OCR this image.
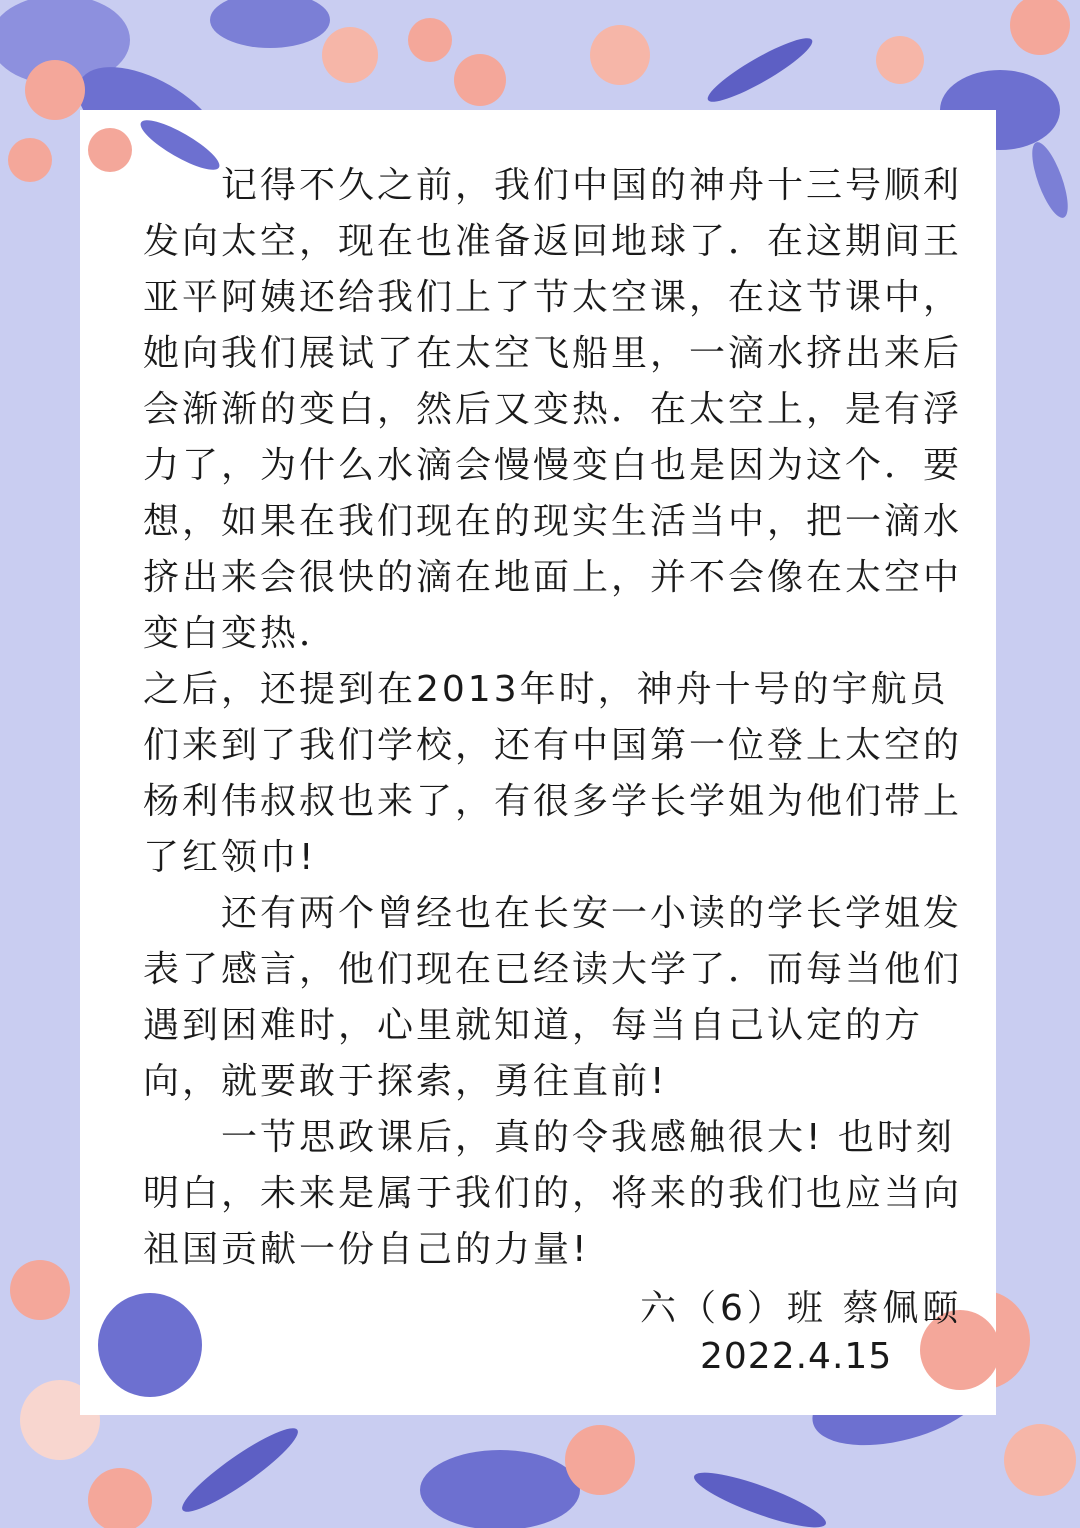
记得不久之前，我们中国的神舟十三号顺利发向太空，现在也准备返回地球了．在这期间王亚平阿姨还给我们上了节太空课，在这节课中，她向我们展试了在太空飞船里，一滴水挤出来后会渐渐的变白，然后又变热．在太空上，是有浮力了，为什么水滴会慢慢变白也是因为这个．要想，如果在我们现在的现实生活当中，把一滴水挤出来会很快的滴在地面上，并不会像在太空中变白变热．

之后，还提到在2013年时，神舟十号的宇航员们来到了我们学校，还有中国第一位登上太空的杨利伟叔叔也来了，有很多学长学姐为他们带上了红领巾!

还有两个曾经也在长安一小读的学长学姐发表了感言，他们现在已经读大学了．而每当他们遇到困难时，心里就知道，每当自己认定的方向，就要敢于探索，勇往直前!

一节思政课后，真的令我感触很大! 也时刻明白，未来是属于我们的，将来的我们也应当向祖国贡献一份自己的力量!

六（6）班 蔡佩颐
2022.4.15
